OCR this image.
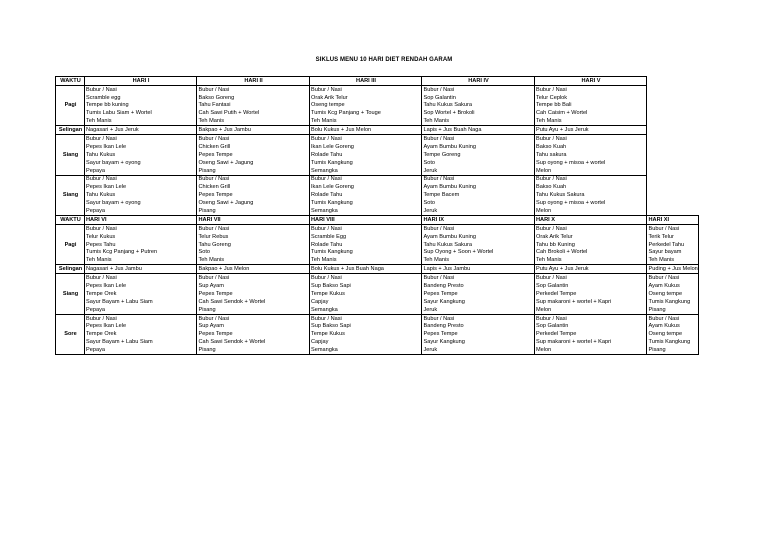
SIKLUS MENU 10 HARI DIET RENDAH GARAM
WAKTU	HARI I	HARI II	HARI III	HARI IV	HARI V	
Pagi	Bubur / Nasi	Bubur / Nasi	Bubur / Nasi	Bubur / Nasi	Bubur / Nasi	
	Scramble egg	Bakso Goreng	Orak Arik Telur	Sop Galantin	Telur Ceplok	
	Tempe bb kuning	Tahu Fantasi	Oseng tempe	Tahu Kukus Sakura	Tempe bb Bali	
	Tumis Labu Siam + Wortel	Cah Sawi Putih + Wortel	Tumis Kcg Panjang + Touge	Sop Wortel + Brokoli	Cah Caisim + Wortel	
	Teh Manis	Teh Manis	Teh Manis	Teh Manis	Teh Manis	
Selingan	Nagasari + Jus Jeruk	Bakpao + Jus Jambu	Bolu Kukus + Jus Melon	Lapis + Jus Buah Naga	Putu Ayu + Jus Jeruk	
Siang	Bubur / Nasi	Bubur / Nasi	Bubur / Nasi	Bubur / Nasi	Bubur / Nasi	
	Pepes Ikan Lele	Chicken Grill	Ikan Lele Goreng	Ayam Bumbu Kuning	Bakso Kuah	
	Tahu Kukus	Pepes Tempe	Rolade Tahu	Tempe Goreng	Tahu sakura	
	Sayur bayam + oyong	Oseng Sawi + Jagung	Tumis Kangkung	Soto	Sup oyong + misoa + wortel	
	Pepaya	Pisang	Semangka	Jeruk	Melon	
Siang	Bubur / Nasi	Bubur / Nasi	Bubur / Nasi	Bubur / Nasi	Bubur / Nasi	
	Pepes Ikan Lele	Chicken Grill	Ikan Lele Goreng	Ayam Bumbu Kuning	Bakso Kuah	
	Tahu Kukus	Pepes Tempe	Rolade Tahu	Tempe Bacem	Tahu Kukus Sakura	
	Sayur bayam + oyong	Oseng Sawi + Jagung	Tumis Kangkung	Soto	Sup oyong + misoa + wortel	
	Pepaya	Pisang	Semangka	Jeruk	Melon	
WAKTU	HARI VI	HARI VII	HARI VIII	HARI IX	HARI X	HARI XI
Pagi	Bubur / Nasi	Bubur / Nasi	Bubur / Nasi	Bubur / Nasi	Bubur / Nasi	Bubur / Nasi
	Telur Kukus	Telur Rebus	Scramble Egg	Ayam Bumbu Kuning	Orak Arik Telur	Terik Telur
	Pepes Tahu	Tahu Goreng	Rolade Tahu	Tahu Kukus Sakura	Tahu bb Kuning	Perkedel Tahu
	Tumis Kcg Panjang + Putren	Soto	Tumis Kangkung	Sup Oyong + Soon + Wortel	Cah Brokoli + Wortel	Sayur bayam
	Teh Manis	Teh Manis	Teh Manis	Teh Manis	Teh Manis	Teh Manis
Selingan	Nagasari + Jus Jambu	Bakpao + Jus Melon	Bolu Kukus + Jus Buah Naga	Lapis + Jus Jambu	Putu Ayu + Jus Jeruk	Puding + Jus Melon
Siang	Bubur / Nasi	Bubur / Nasi	Bubur / Nasi	Bubur / Nasi	Bubur / Nasi	Bubur / Nasi
	Pepes Ikan Lele	Sup Ayam	Sup Bakso Sapi	Bandeng Presto	Sop Galantin	Ayam Kukus
	Tempe Orek	Pepes Tempe	Tempe Kukus	Pepes Tempe	Perkedel Tempe	Oseng tempe
	Sayur Bayam + Labu Siam	Cah Sawi Sendok + Wortel	Capjay	Sayur Kangkung	Sup makaroni + wortel + Kapri	Tumis Kangkung
	Pepaya	Pisang	Semangka	Jeruk	Melon	Pisang
Sore	Bubur / Nasi	Bubur / Nasi	Bubur / Nasi	Bubur / Nasi	Bubur / Nasi	Bubur / Nasi
	Pepes Ikan Lele	Sup Ayam	Sup Bakso Sapi	Bandeng Presto	Sop Galantin	Ayam Kukus
	Tempe Orek	Pepes Tempe	Tempe Kukus	Pepes Tempe	Perkedel Tempe	Oseng tempe
	Sayur Bayam + Labu Siam	Cah Sawi Sendok + Wortel	Capjay	Sayur Kangkung	Sup makaroni + wortel + Kapri	Tumis Kangkung
	Pepaya	Pisang	Semangka	Jeruk	Melon	Pisang
